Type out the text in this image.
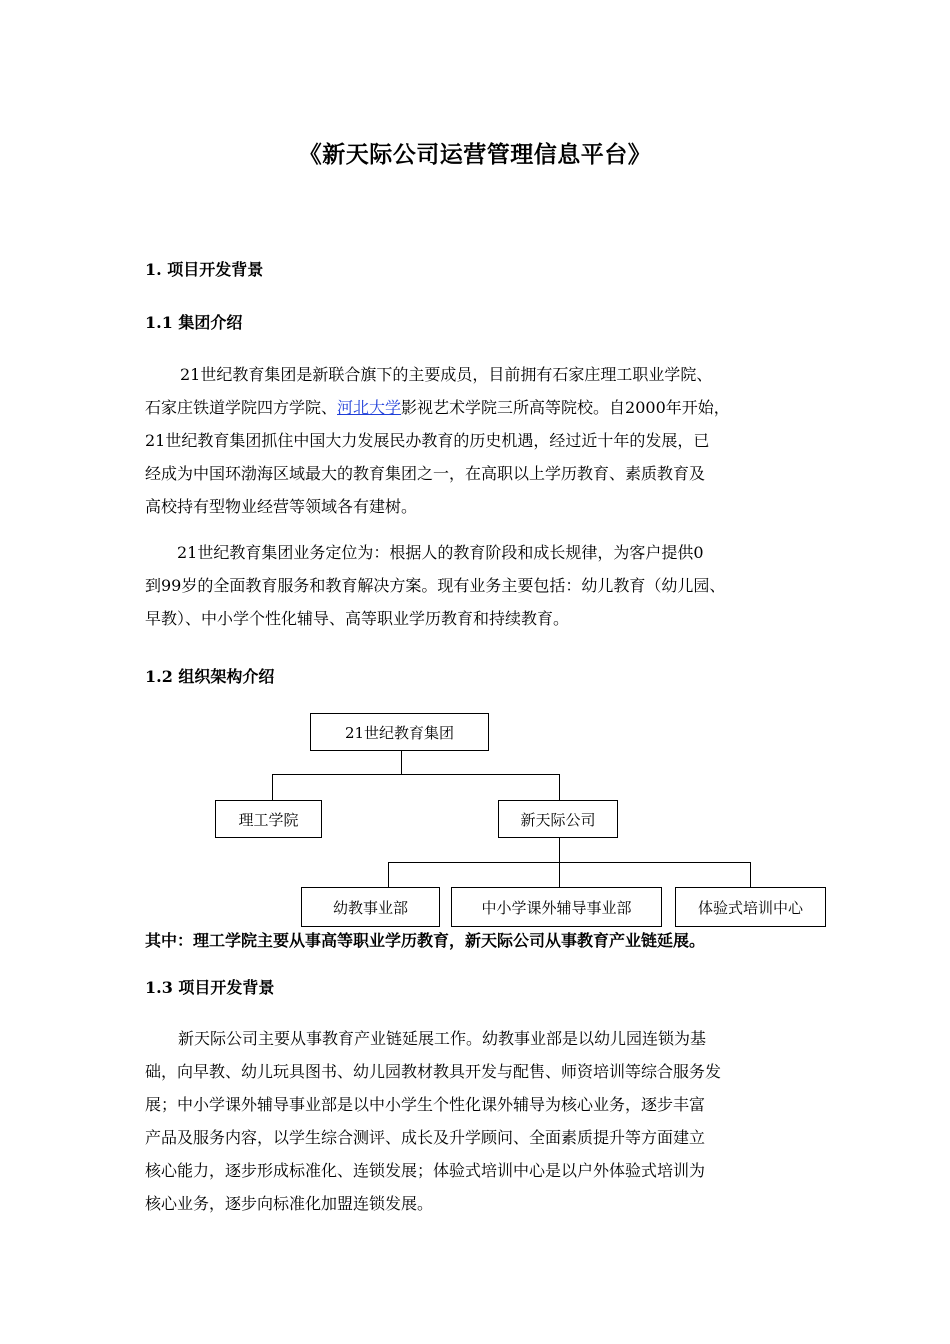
《新天际公司运营管理信息平台》
1. 项目开发背景
1.1 集团介绍
21世纪教育集团是新联合旗下的主要成员，目前拥有石家庄理工职业学院、
石家庄铁道学院四方学院、河北大学影视艺术学院三所高等院校。自2000年开始，
21世纪教育集团抓住中国大力发展民办教育的历史机遇，经过近十年的发展，已
经成为中国环渤海区域最大的教育集团之一，在高职以上学历教育、素质教育及
高校持有型物业经营等领域各有建树。
21世纪教育集团业务定位为：根据人的教育阶段和成长规律，为客户提供0
到99岁的全面教育服务和教育解决方案。现有业务主要包括：幼儿教育（幼儿园、
早教）、中小学个性化辅导、高等职业学历教育和持续教育。
1.2 组织架构介绍
21世纪教育集团
理工学院	新天际公司
幼教事业部	中小学课外辅导事业部	体验式培训中心
其中：理工学院主要从事高等职业学历教育，新天际公司从事教育产业链延展。
1.3 项目开发背景
新天际公司主要从事教育产业链延展工作。幼教事业部是以幼儿园连锁为基
础，向早教、幼儿玩具图书、幼儿园教材教具开发与配售、师资培训等综合服务发
展；中小学课外辅导事业部是以中小学生个性化课外辅导为核心业务，逐步丰富
产品及服务内容，以学生综合测评、成长及升学顾问、全面素质提升等方面建立
核心能力，逐步形成标准化、连锁发展；体验式培训中心是以户外体验式培训为
核心业务，逐步向标准化加盟连锁发展。
